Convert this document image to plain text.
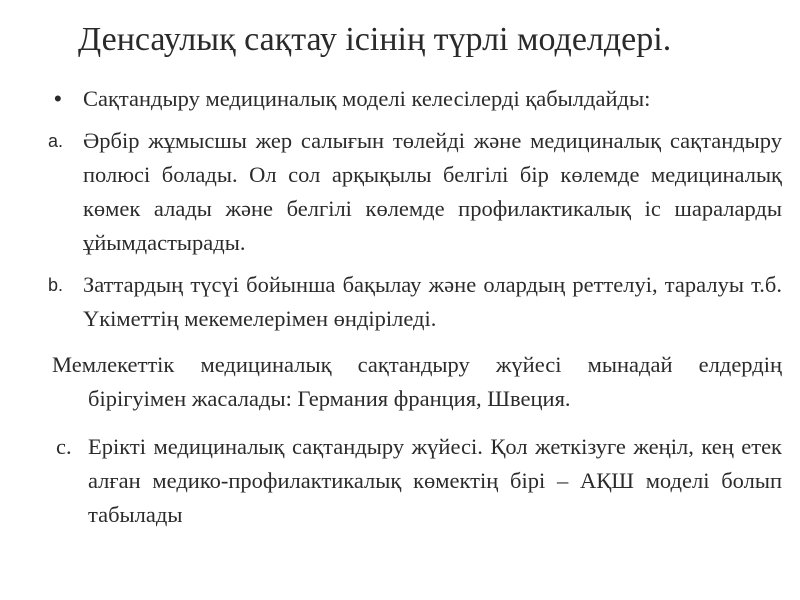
Денсаулық сақтау ісінің түрлі моделдері.

• Сақтандыру медициналық моделі келесілерді қабылдайды:

a. Әрбір жұмысшы жер салығын төлейді және медициналық сақтандыру полюсі болады. Ол сол арқықылы белгілі бір көлемде медициналық көмек алады және белгілі көлемде профилактикалық іс шараларды ұйымдастырады.

b. Заттардың түсүі бойынша бақылау және олардың реттелуі, таралуы т.б. Үкіметтің мекемелерімен өндіріледі.

Мемлекеттік медициналық сақтандыру жүйесі мынадай елдердің бірігуімен жасалады: Германия франция, Швеция.

c. Ерікті медициналық сақтандыру жүйесі. Қол жеткізуге жеңіл, кең етек алған медико-профилактикалық көмектің бірі – АҚШ моделі болып табылады
